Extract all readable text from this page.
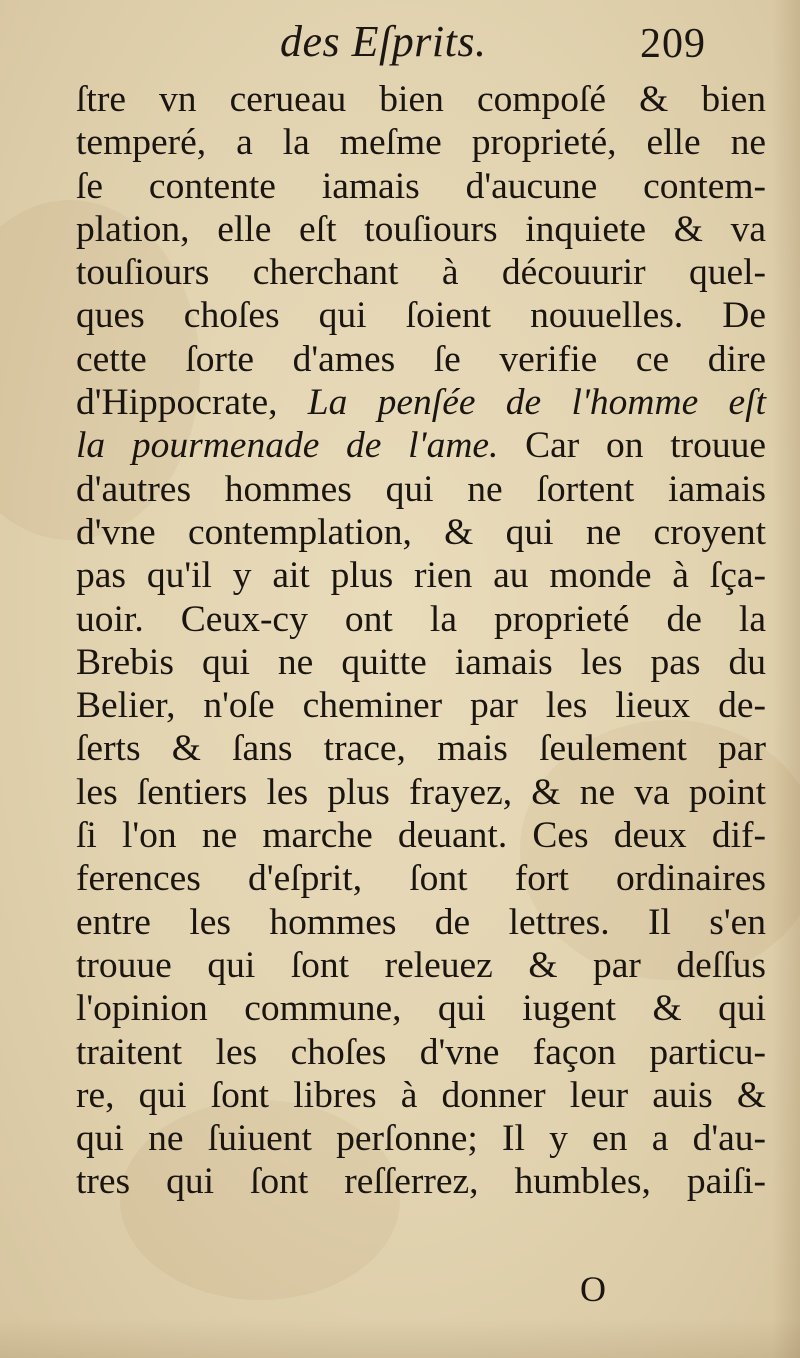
des Eſprits.	209
ſtre vn cerueau bien compoſé & bien
temperé, a la meſme proprieté, elle ne
ſe contente iamais d'aucune contem-
plation, elle eſt touſiours inquiete & va
touſiours cherchant à découurir quel-
ques choſes qui ſoient nouuelles. De
cette ſorte d'ames ſe verifie ce dire
d'Hippocrate, La penſée de l'homme eſt
la pourmenade de l'ame. Car on trouue
d'autres hommes qui ne ſortent iamais
d'vne contemplation, & qui ne croyent
pas qu'il y ait plus rien au monde à ſça-
uoir. Ceux-cy ont la proprieté de la
Brebis qui ne quitte iamais les pas du
Belier, n'oſe cheminer par les lieux de-
ſerts & ſans trace, mais ſeulement par
les ſentiers les plus frayez, & ne va point
ſi l'on ne marche deuant. Ces deux dif-
ferences d'eſprit, ſont fort ordinaires
entre les hommes de lettres. Il s'en
trouue qui ſont releuez & par deſſus
l'opinion commune, qui iugent & qui
traitent les choſes d'vne façon particu-
re, qui ſont libres à donner leur auis &
qui ne ſuiuent perſonne; Il y en a d'au-
tres qui ſont reſſerrez, humbles, paiſi-
O
